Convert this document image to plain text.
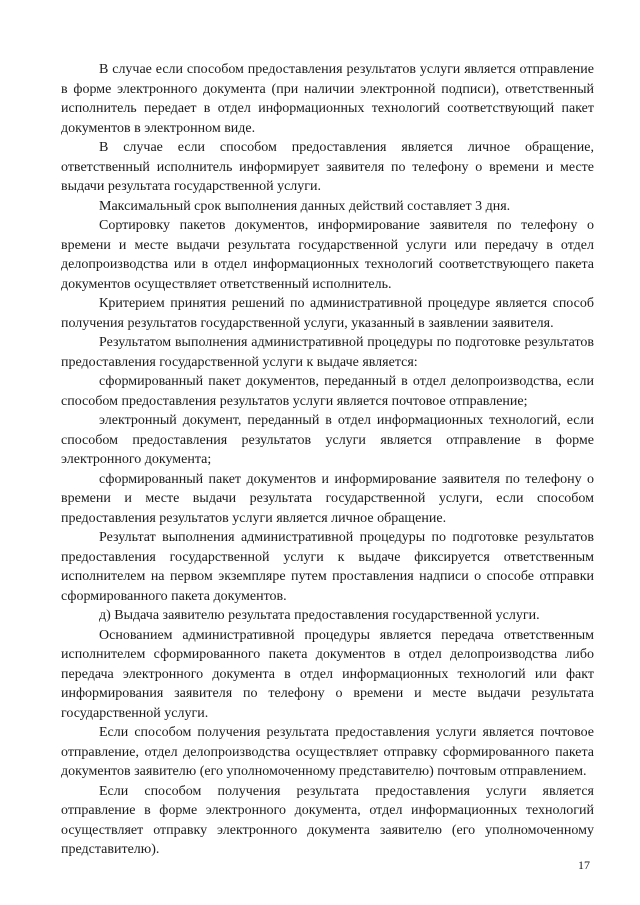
В случае если способом предоставления результатов услуги является отправление в форме электронного документа (при наличии электронной подписи), ответственный исполнитель передает в отдел информационных технологий соответствующий пакет документов в электронном виде.

В случае если способом предоставления является личное обращение, ответственный исполнитель информирует заявителя по телефону о времени и месте выдачи результата государственной услуги.

Максимальный срок выполнения данных действий составляет 3 дня.

Сортировку пакетов документов, информирование заявителя по телефону о времени и месте выдачи результата государственной услуги или передачу в отдел делопроизводства или в отдел информационных технологий соответствующего пакета документов осуществляет ответственный исполнитель.

Критерием принятия решений по административной процедуре является способ получения результатов государственной услуги, указанный в заявлении заявителя.

Результатом выполнения административной процедуры по подготовке результатов предоставления государственной услуги к выдаче является:

сформированный пакет документов, переданный в отдел делопроизводства, если способом предоставления результатов услуги является почтовое отправление;

электронный документ, переданный в отдел информационных технологий, если способом предоставления результатов услуги является отправление в форме электронного документа;

сформированный пакет документов и информирование заявителя по телефону о времени и месте выдачи результата государственной услуги, если способом предоставления результатов услуги является личное обращение.

Результат выполнения административной процедуры по подготовке результатов предоставления государственной услуги к выдаче фиксируется ответственным исполнителем на первом экземпляре путем проставления надписи о способе отправки сформированного пакета документов.

д) Выдача заявителю результата предоставления государственной услуги.

Основанием административной процедуры является передача ответственным исполнителем сформированного пакета документов в отдел делопроизводства либо передача электронного документа в отдел информационных технологий или факт информирования заявителя по телефону о времени и месте выдачи результата государственной услуги.

Если способом получения результата предоставления услуги является почтовое отправление, отдел делопроизводства осуществляет отправку сформированного пакета документов заявителю (его уполномоченному представителю) почтовым отправлением.

Если способом получения результата предоставления услуги является отправление в форме электронного документа, отдел информационных технологий осуществляет отправку электронного документа заявителю (его уполномоченному представителю).

17
